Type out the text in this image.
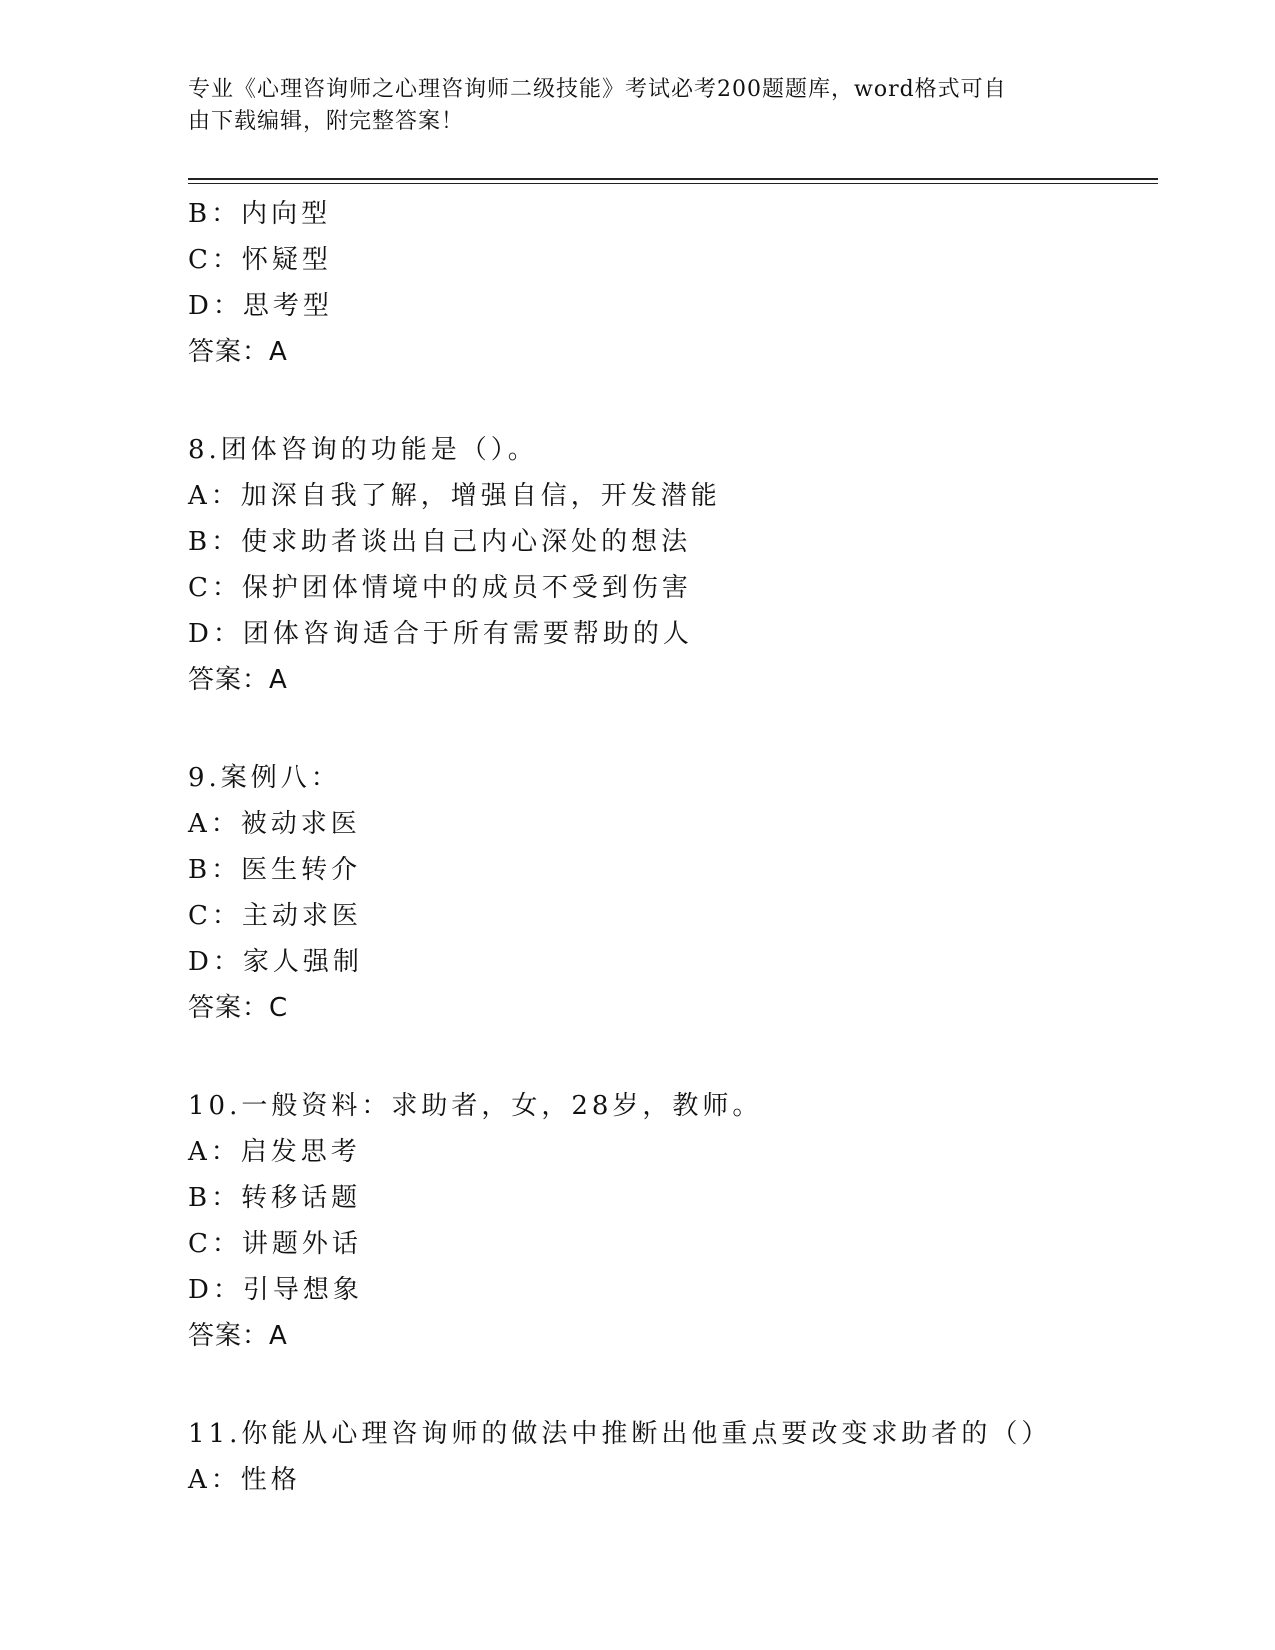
专业《心理咨询师之心理咨询师二级技能》考试必考200题题库，word格式可自
由下载编辑，附完整答案！
B：内向型
C：怀疑型
D：思考型
答案：A
8.团体咨询的功能是（）。
A：加深自我了解，增强自信，开发潜能
B：使求助者谈出自己内心深处的想法
C：保护团体情境中的成员不受到伤害
D：团体咨询适合于所有需要帮助的人
答案：A
9.案例八：
A：被动求医
B：医生转介
C：主动求医
D：家人强制
答案：C
10.一般资料：求助者，女，28岁，教师。
A：启发思考
B：转移话题
C：讲题外话
D：引导想象
答案：A
11.你能从心理咨询师的做法中推断出他重点要改变求助者的（）
A：性格
